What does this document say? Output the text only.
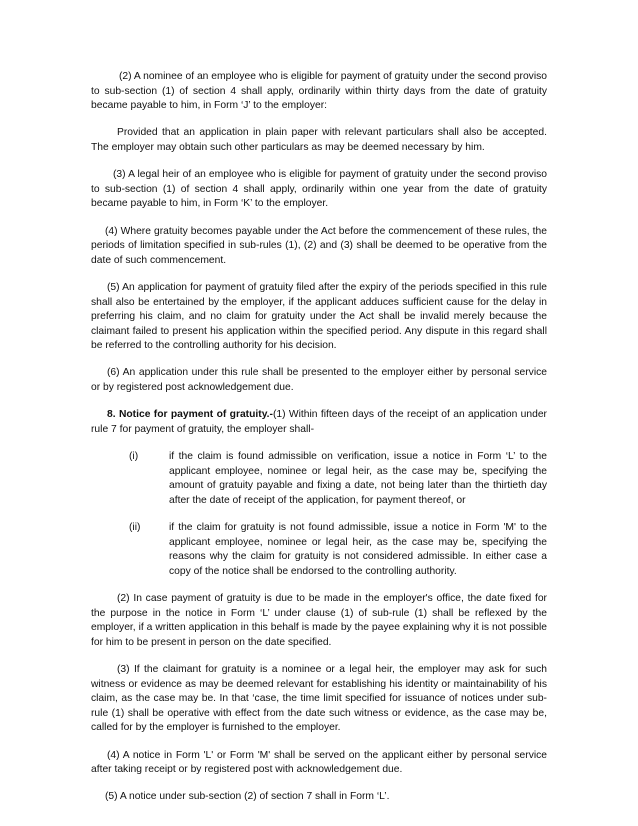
(2) A nominee of an employee who is eligible for payment of gratuity under the second proviso to sub-section (1) of section 4 shall apply, ordinarily within thirty days from the date of gratuity became payable to him, in Form ‘J’ to the employer:

Provided that an application in plain paper with relevant particulars shall also be accepted. The employer may obtain such other particulars as may be deemed necessary by him.

(3) A legal heir of an employee who is eligible for payment of gratuity under the second proviso to sub-section (1) of section 4 shall apply, ordinarily within one year from the date of gratuity became payable to him, in Form ‘K’ to the employer.

(4) Where gratuity becomes payable under the Act before the commencement of these rules, the periods of limitation specified in sub-rules (1), (2) and (3) shall be deemed to be operative from the date of such commencement.

(5) An application for payment of gratuity filed after the expiry of the periods specified in this rule shall also be entertained by the employer, if the applicant adduces sufficient cause for the delay in preferring his claim, and no claim for gratuity under the Act shall be invalid merely because the claimant failed to present his application within the specified period. Any dispute in this regard shall be referred to the controlling authority for his decision.

(6) An application under this rule shall be presented to the employer either by personal service or by registered post acknowledgement due.

8. Notice for payment of gratuity.-(1) Within fifteen days of the receipt of an application under rule 7 for payment of gratuity, the employer shall-

(i)	if the claim is found admissible on verification, issue a notice in Form ‘L’ to the applicant employee, nominee or legal heir, as the case may be, specifying the amount of gratuity payable and fixing a date, not being later than the thirtieth day after the date of receipt of the application, for payment thereof, or
(ii)	if the claim for gratuity is not found admissible, issue a notice in Form 'M' to the applicant employee, nominee or legal heir, as the case may be, specifying the reasons why the claim for gratuity is not considered admissible. In either case a copy of the notice shall be endorsed to the controlling authority.

(2) In case payment of gratuity is due to be made in the employer's office, the date fixed for the purpose in the notice in Form ‘L’ under clause (1) of sub-rule (1) shall be reflexed by the employer, if a written application in this behalf is made by the payee explaining why it is not possible for him to be present in person on the date specified.

(3) If the claimant for gratuity is a nominee or a legal heir, the employer may ask for such witness or evidence as may be deemed relevant for establishing his identity or maintainability of his claim, as the case may be. In that ‘case, the time limit specified for issuance of notices under sub-rule (1) shall be operative with effect from the date such witness or evidence, as the case may be, called for by the employer is furnished to the employer.

(4) A notice in Form 'L' or Form 'M' shall be served on the applicant either by personal service after taking receipt or by registered post with acknowledgement due.

(5) A notice under sub-section (2) of section 7 shall in Form ‘L’.
